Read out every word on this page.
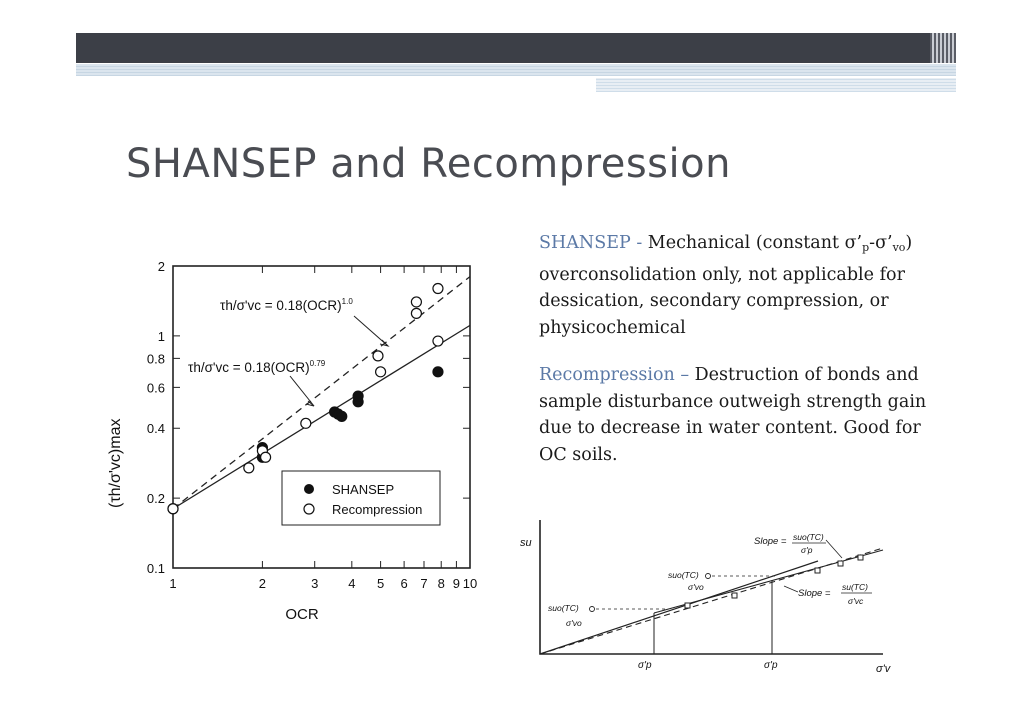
SHANSEP and Recompression

SHANSEP - Mechanical (constant $\sigma’_p-\sigma’_{vo}$) overconsolidation only, not applicable for dessication, secondary compression, or physicochemical

Recompression – Destruction of bonds and sample disturbance outweigh strength gain due to decrease in water content. Good for OC soils.

0.1
0.2
0.4
0.6
0.8
1
2
1	2	3 4 5 6 7 8 9 10
(τh/σ'vc)max
OCR
τh/σ'vc = 0.18(OCR)$^{1.0}$
τh/σ'vc = 0.18(OCR)$^{0.79}$
SHANSEP
Recompression
su
σ'v
σ'p	σ'p
Slope = suo(TC)
σ'p
Slope =
su(TC)
σ'vc
suo(TC)
σ'vo
suo(TC)
σ'vo
